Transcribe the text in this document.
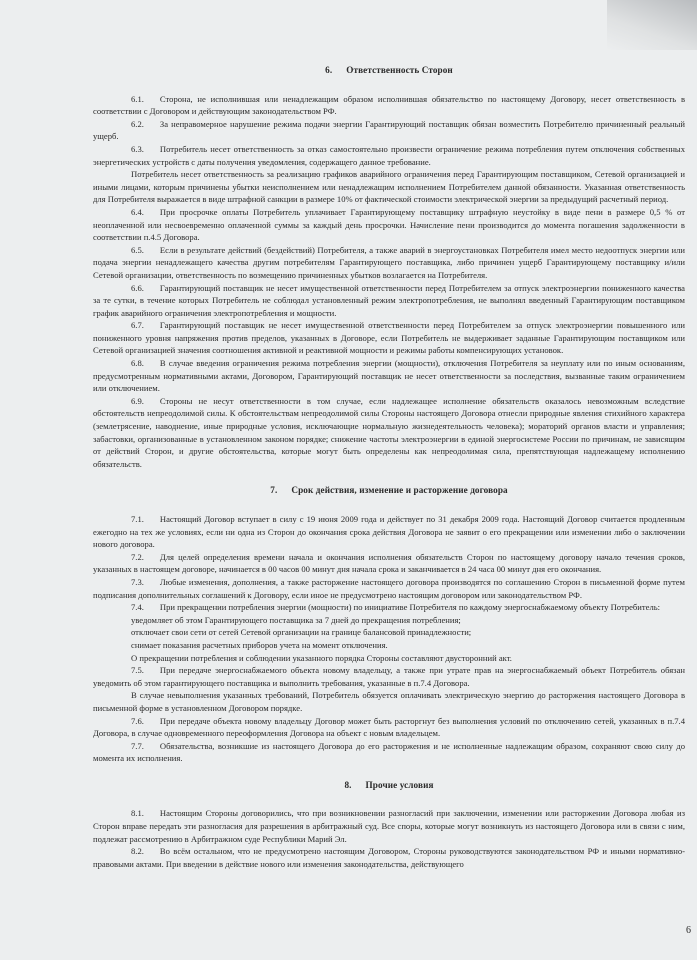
6. Ответственность Сторон

6.1. Сторона, не исполнившая или ненадлежащим образом исполнившая обязательство по настоящему Договору, несет ответственность в соответствии с Договором и действующим законодательством РФ.

6.2. За неправомерное нарушение режима подачи энергии Гарантирующий поставщик обязан возместить Потребителю причиненный реальный ущерб.

6.3. Потребитель несет ответственность за отказ самостоятельно произвести ограничение режима потребления путем отключения собственных энергетических устройств с даты получения уведомления, содержащего данное требование.

Потребитель несет ответственность за реализацию графиков аварийного ограничения перед Гарантирующим поставщиком, Сетевой организацией и иными лицами, которым причинены убытки неисполнением или ненадлежащим исполнением Потребителем данной обязанности. Указанная ответственность для Потребителя выражается в виде штрафной санкции в размере 10% от фактической стоимости электрической энергии за предыдущий расчетный период.

6.4. При просрочке оплаты Потребитель уплачивает Гарантирующему поставщику штрафную неустойку в виде пени в размере 0,5 % от неоплаченной или несвоевременно оплаченной суммы за каждый день просрочки. Начисление пени производится до момента погашения задолженности в соответствии п.4.5 Договора.

6.5. Если в результате действий (бездействий) Потребителя, а также аварий в энергоустановках Потребителя имел место недоотпуск энергии или подача энергии ненадлежащего качества другим потребителям Гарантирующего поставщика, либо причинен ущерб Гарантирующему поставщику и/или Сетевой организации, ответственность по возмещению причиненных убытков возлагается на Потребителя.

6.6. Гарантирующий поставщик не несет имущественной ответственности перед Потребителем за отпуск электроэнергии пониженного качества за те сутки, в течение которых Потребитель не соблюдал установленный режим электропотребления, не выполнял введенный Гарантирующим поставщиком график аварийного ограничения электропотребления и мощности.

6.7. Гарантирующий поставщик не несет имущественной ответственности перед Потребителем за отпуск электроэнергии повышенного или пониженного уровня напряжения против пределов, указанных в Договоре, если Потребитель не выдерживает заданные Гарантирующим поставщиком или Сетевой организацией значения соотношения активной и реактивной мощности и режимы работы компенсирующих установок.

6.8. В случае введения ограничения режима потребления энергии (мощности), отключения Потребителя за неуплату или по иным основаниям, предусмотренным нормативными актами, Договором, Гарантирующий поставщик не несет ответственности за последствия, вызванные таким ограничением или отключением.

6.9. Стороны не несут ответственности в том случае, если надлежащее исполнение обязательств оказалось невозможным вследствие обстоятельств непреодолимой силы. К обстоятельствам непреодолимой силы Стороны настоящего Договора отнесли природные явления стихийного характера (землетрясение, наводнение, иные природные условия, исключающие нормальную жизнедеятельность человека); мораторий органов власти и управления; забастовки, организованные в установленном законом порядке; снижение частоты электроэнергии в единой энергосистеме России по причинам, не зависящим от действий Сторон, и другие обстоятельства, которые могут быть определены как непреодолимая сила, препятствующая надлежащему исполнению обязательств.

7. Срок действия, изменение и расторжение договора

7.1. Настоящий Договор вступает в силу с 19 июня 2009 года и действует по 31 декабря 2009 года. Настоящий Договор считается продленным ежегодно на тех же условиях, если ни одна из Сторон до окончания срока действия Договора не заявит о его прекращении или изменении либо о заключении нового договора.

7.2. Для целей определения времени начала и окончания исполнения обязательств Сторон по настоящему договору начало течения сроков, указанных в настоящем договоре, начинается в 00 часов 00 минут дня начала срока и заканчивается в 24 часа 00 минут дня его окончания.

7.3. Любые изменения, дополнения, а также расторжение настоящего договора производятся по соглашению Сторон в письменной форме путем подписания дополнительных соглашений к Договору, если иное не предусмотрено настоящим договором или законодательством РФ.

7.4. При прекращении потребления энергии (мощности) по инициативе Потребителя по каждому энергоснабжаемому объекту Потребитель:

уведомляет об этом Гарантирующего поставщика за 7 дней до прекращения потребления;

отключает свои сети от сетей Сетевой организации на границе балансовой принадлежности;

снимает показания расчетных приборов учета на момент отключения.

О прекращении потребления и соблюдении указанного порядка Стороны составляют двусторонний акт.

7.5. При передаче энергоснабжаемого объекта новому владельцу, а также при утрате прав на энергоснабжаемый объект Потребитель обязан уведомить об этом гарантирующего поставщика и выполнить требования, указанные в п.7.4 Договора.

В случае невыполнения указанных требований, Потребитель обязуется оплачивать электрическую энергию до расторжения настоящего Договора в письменной форме в установленном Договором порядке.

7.6. При передаче объекта новому владельцу Договор может быть расторгнут без выполнения условий по отключению сетей, указанных в п.7.4 Договора, в случае одновременного переоформления Договора на объект с новым владельцем.

7.7. Обязательства, возникшие из настоящего Договора до его расторжения и не исполненные надлежащим образом, сохраняют свою силу до момента их исполнения.

8. Прочие условия

8.1. Настоящим Стороны договорились, что при возникновении разногласий при заключении, изменении или расторжении Договора любая из Сторон вправе передать эти разногласия для разрешения в арбитражный суд. Все споры, которые могут возникнуть из настоящего Договора или в связи с ним, подлежат рассмотрению в Арбитражном суде Республики Марий Эл.

8.2. Во всём остальном, что не предусмотрено настоящим Договором, Стороны руководствуются законодательством РФ и иными нормативно-правовыми актами. При введении в действие нового или изменения законодательства, действующего

6
